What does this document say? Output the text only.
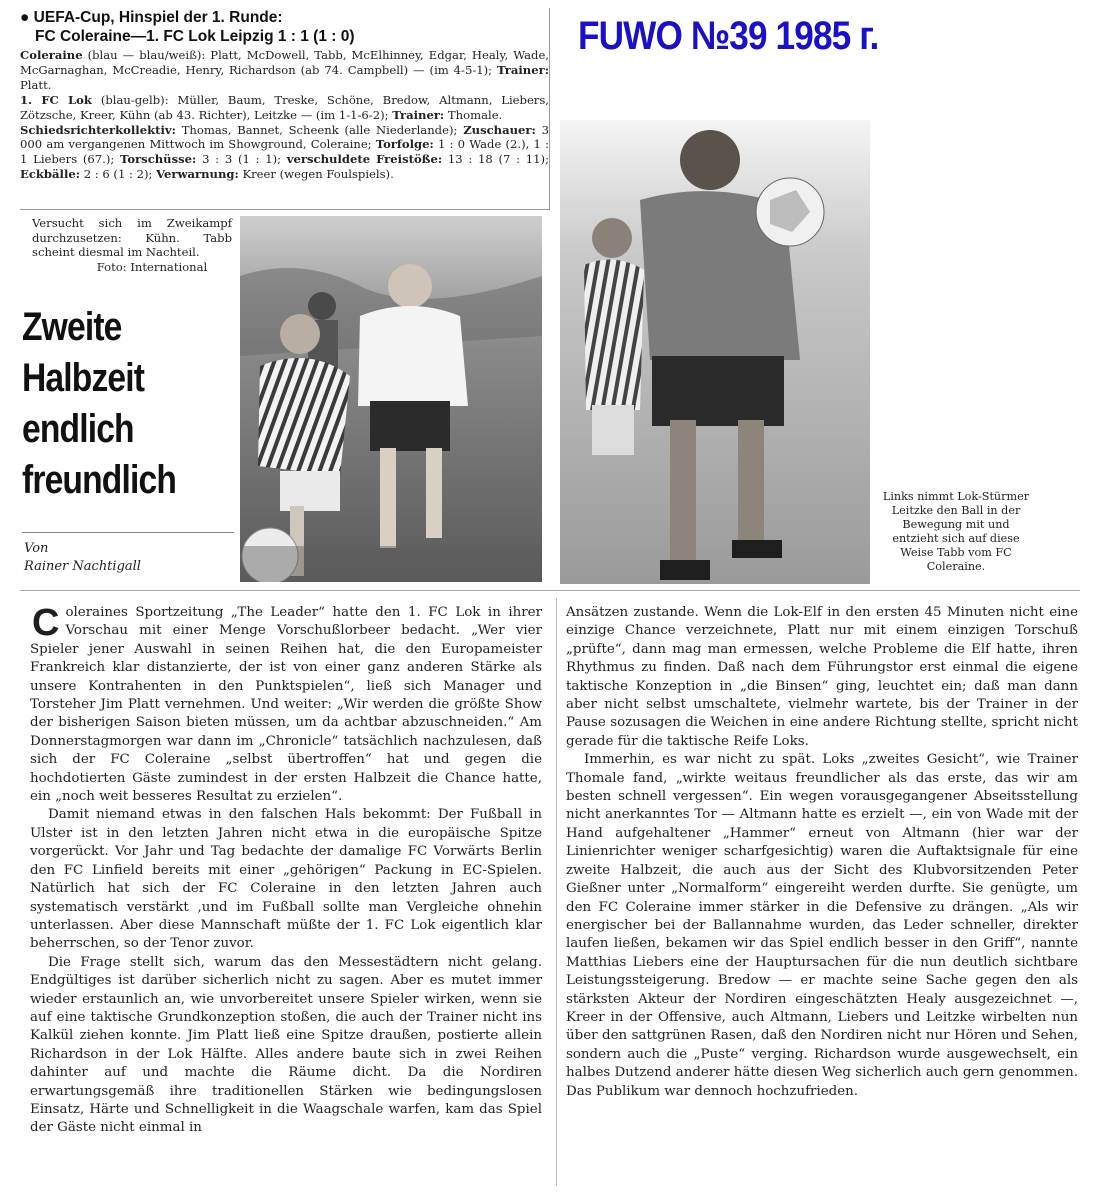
● UEFA-Cup, Hinspiel der 1. Runde:
FC Coleraine—1. FC Lok Leipzig 1 : 1 (1 : 0)
Coleraine (blau — blau/weiß): Platt, McDowell, Tabb, McElhinney, Edgar, Healy, Wade, McGarnaghan, McCreadie, Henry, Richardson (ab 74. Campbell) — (im 4-5-1); Trainer: Platt.
1. FC Lok (blau-gelb): Müller, Baum, Treske, Schöne, Bredow, Altmann, Liebers, Zötzsche, Kreer, Kühn (ab 43. Richter), Leitzke — (im 1-1-6-2); Trainer: Thomale.
Schiedsrichterkollektiv: Thomas, Bannet, Scheenk (alle Niederlande); Zuschauer: 3 000 am vergangenen Mittwoch im Showground, Coleraine; Torfolge: 1 : 0 Wade (2.), 1 : 1 Liebers (67.); Torschüsse: 3 : 3 (1 : 1); verschuldete Freistöße: 13 : 18 (7 : 11); Eckbälle: 2 : 6 (1 : 2); Verwarnung: Kreer (wegen Foulspiels).
FUWO №39 1985 г.
Versucht sich im Zweikampf durchzusetzen: Kühn. Tabb scheint diesmal im Nachteil.
Foto: International
Zweite
Halbzeit
endlich
freundlich
Von
Rainer Nachtigall
Links nimmt Lok-Stürmer Leitzke den Ball in der Bewegung mit und entzieht sich auf diese Weise Tabb vom FC Coleraine.

Coleraines Sportzeitung „The Leader“ hatte den 1. FC Lok in ihrer Vorschau mit einer Menge Vorschußlorbeer bedacht. „Wer vier Spieler jener Auswahl in seinen Reihen hat, die den Europameister Frankreich klar distanzierte, der ist von einer ganz anderen Stärke als unsere Kontrahenten in den Punktspielen“, ließ sich Manager und Torsteher Jim Platt vernehmen. Und weiter: „Wir werden die größte Show der bisherigen Saison bieten müssen, um da achtbar abzuschneiden.“ Am Donnerstagmorgen war dann im „Chronicle“ tatsächlich nachzulesen, daß sich der FC Coleraine „selbst übertroffen“ hat und gegen die hochdotierten Gäste zumindest in der ersten Halbzeit die Chance hatte, ein „noch weit besseres Resultat zu erzielen“.

Damit niemand etwas in den falschen Hals bekommt: Der Fußball in Ulster ist in den letzten Jahren nicht etwa in die europäische Spitze vorgerückt. Vor Jahr und Tag bedachte der damalige FC Vorwärts Berlin den FC Linfield bereits mit einer „gehörigen“ Packung in EC-Spielen. Natürlich hat sich der FC Coleraine in den letzten Jahren auch systematisch verstärkt ,und im Fußball sollte man Vergleiche ohnehin unterlassen. Aber diese Mannschaft müßte der 1. FC Lok eigentlich klar beherrschen, so der Tenor zuvor.

Die Frage stellt sich, warum das den Messestädtern nicht gelang. Endgültiges ist darüber sicherlich nicht zu sagen. Aber es mutet immer wieder erstaunlich an, wie unvorbereitet unsere Spieler wirken, wenn sie auf eine taktische Grundkonzeption stoßen, die auch der Trainer nicht ins Kalkül ziehen konnte. Jim Platt ließ eine Spitze draußen, postierte allein Richardson in der Lok Hälfte. Alles andere baute sich in zwei Reihen dahinter auf und machte die Räume dicht. Da die Nordiren erwartungsgemäß ihre traditionellen Stärken wie bedingungslosen Einsatz, Härte und Schnelligkeit in die Waagschale warfen, kam das Spiel der Gäste nicht einmal in

Ansätzen zustande. Wenn die Lok-Elf in den ersten 45 Minuten nicht eine einzige Chance verzeichnete, Platt nur mit einem einzigen Torschuß „prüfte“, dann mag man ermessen, welche Probleme die Elf hatte, ihren Rhythmus zu finden. Daß nach dem Führungstor erst einmal die eigene taktische Konzeption in „die Binsen“ ging, leuchtet ein; daß man dann aber nicht selbst umschaltete, vielmehr wartete, bis der Trainer in der Pause sozusagen die Weichen in eine andere Richtung stellte, spricht nicht gerade für die taktische Reife Loks.

Immerhin, es war nicht zu spät. Loks „zweites Gesicht“, wie Trainer Thomale fand, „wirkte weitaus freundlicher als das erste, das wir am besten schnell vergessen“. Ein wegen vorausgegangener Abseitsstellung nicht anerkanntes Tor — Altmann hatte es erzielt —, ein von Wade mit der Hand aufgehaltener „Hammer“ erneut von Altmann (hier war der Linienrichter weniger scharfgesichtig) waren die Auftaktsignale für eine zweite Halbzeit, die auch aus der Sicht des Klubvorsitzenden Peter Gießner unter „Normalform“ eingereiht werden durfte. Sie genügte, um den FC Coleraine immer stärker in die Defensive zu drängen. „Als wir energischer bei der Ballannahme wurden, das Leder schneller, direkter laufen ließen, bekamen wir das Spiel endlich besser in den Griff“, nannte Matthias Liebers eine der Hauptursachen für die nun deutlich sichtbare Leistungssteigerung. Bredow — er machte seine Sache gegen den als stärksten Akteur der Nordiren eingeschätzten Healy ausgezeichnet —, Kreer in der Offensive, auch Altmann, Liebers und Leitzke wirbelten nun über den sattgrünen Rasen, daß den Nordiren nicht nur Hören und Sehen, sondern auch die „Puste“ verging. Richardson wurde ausgewechselt, ein halbes Dutzend anderer hätte diesen Weg sicherlich auch gern genommen. Das Publikum war dennoch hochzufrieden.
